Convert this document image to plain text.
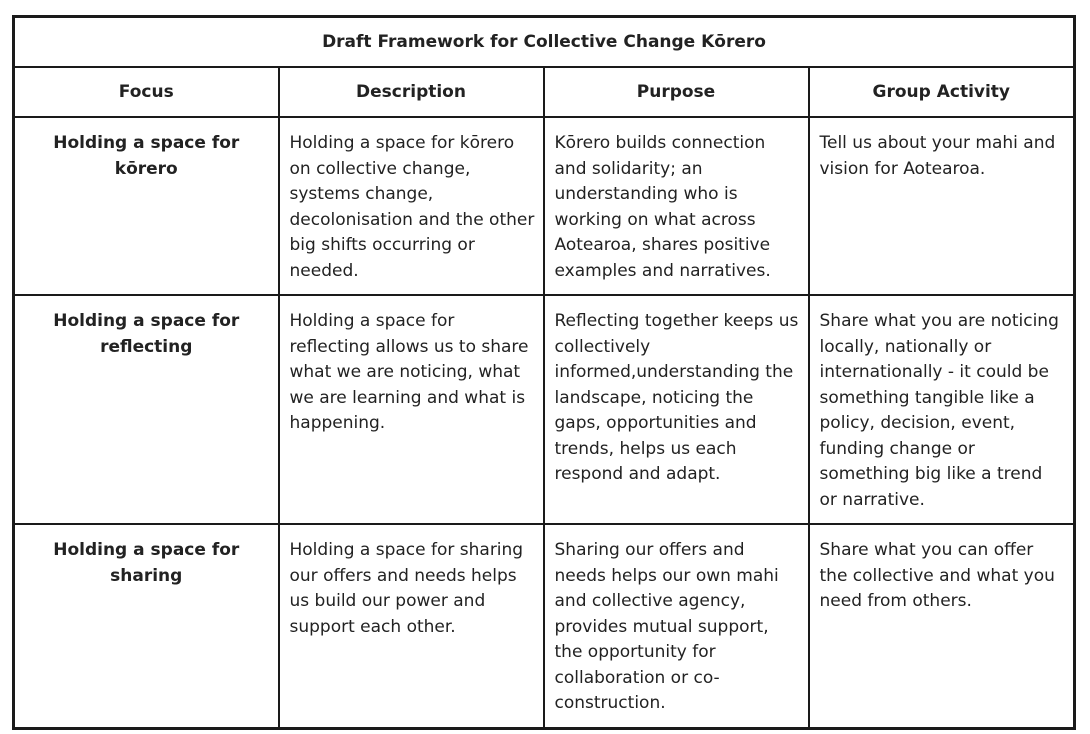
Draft Framework for Collective Change Kōrero			
Focus	Description	Purpose	Group Activity
Holding a space for kōrero	Holding a space for kōrero on collective change, systems change, decolonisation and the other big shifts occurring or needed.	Kōrero builds connection and solidarity; an understanding who is working on what across Aotearoa, shares positive examples and narratives.	Tell us about your mahi and vision for Aotearoa.
Holding a space for reflecting	Holding a space for reflecting allows us to share what we are noticing, what we are learning and what is happening.	Reflecting together keeps us collectively informed,understanding the landscape, noticing the gaps, opportunities and trends, helps us each respond and adapt.	Share what you are noticing locally, nationally or internationally - it could be something tangible like a policy, decision, event, funding change or something big like a trend or narrative.
Holding a space for sharing	Holding a space for sharing our offers and needs helps us build our power and support each other.	Sharing our offers and needs helps our own mahi and collective agency, provides mutual support, the opportunity for collaboration or co-construction.	Share what you can offer the collective and what you need from others.
